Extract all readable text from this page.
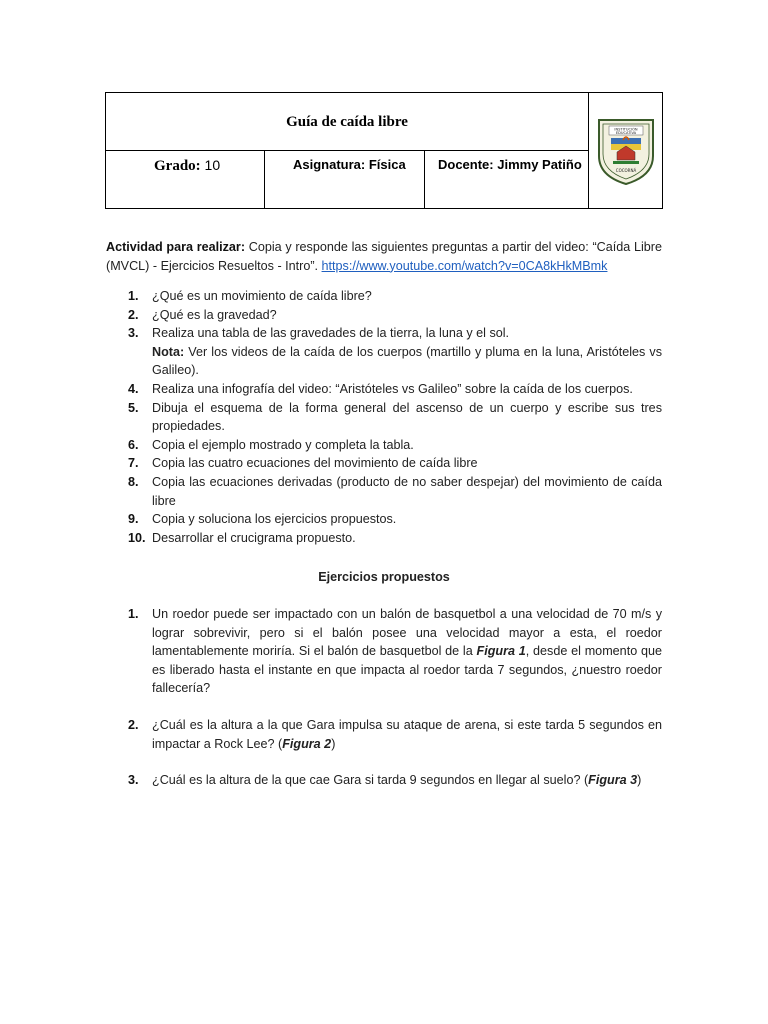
Guía de caída libre
Grado: 10	Asignatura: Física	Docente: Jimmy Patiño
INSTITUCIÓN
EDUCATIVA
COCORNÁ
Actividad para realizar: Copia y responde las siguientes preguntas a partir del video: “Caída Libre (MVCL) - Ejercicios Resueltos - Intro”. https://www.youtube.com/watch?v=0CA8kHkMBmk
1. ¿Qué es un movimiento de caída libre?
2. ¿Qué es la gravedad?
3. Realiza una tabla de las gravedades de la tierra, la luna y el sol.
Nota: Ver los videos de la caída de los cuerpos (martillo y pluma en la luna, Aristóteles vs Galileo).
4. Realiza una infografía del video: “Aristóteles vs Galileo” sobre la caída de los cuerpos.
5. Dibuja el esquema de la forma general del ascenso de un cuerpo y escribe sus tres propiedades.
6. Copia el ejemplo mostrado y completa la tabla.
7. Copia las cuatro ecuaciones del movimiento de caída libre
8. Copia las ecuaciones derivadas (producto de no saber despejar) del movimiento de caída libre
9. Copia y soluciona los ejercicios propuestos.
10. Desarrollar el crucigrama propuesto.
Ejercicios propuestos
1. Un roedor puede ser impactado con un balón de basquetbol a una velocidad de 70 m/s y lograr sobrevivir, pero si el balón posee una velocidad mayor a esta, el roedor lamentablemente moriría. Si el balón de basquetbol de la Figura 1, desde el momento que es liberado hasta el instante en que impacta al roedor tarda 7 segundos, ¿nuestro roedor fallecería?
2. ¿Cuál es la altura a la que Gara impulsa su ataque de arena, si este tarda 5 segundos en impactar a Rock Lee? (Figura 2)
3. ¿Cuál es la altura de la que cae Gara si tarda 9 segundos en llegar al suelo? (Figura 3)
